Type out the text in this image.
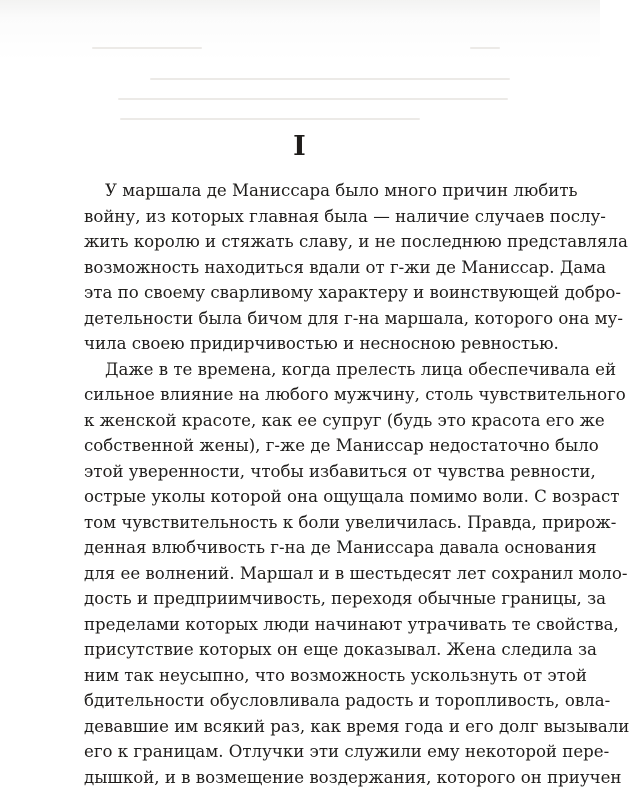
I
У маршала де Маниссара было много причин любить
войну, из которых главная была — наличие случаев послу-
жить королю и стяжать славу, и не последнюю представляла
возможность находиться вдали от г-жи де Маниссар. Дама
эта по своему сварливому характеру и воинствующей добро-
детельности была бичом для г-на маршала, которого она му-
чила своею придирчивостью и несносною ревностью.
Даже в те времена, когда прелесть лица обеспечивала ей
сильное влияние на любого мужчину, столь чувствительного
к женской красоте, как ее супруг (будь это красота его же
собственной жены), г-же де Маниссар недостаточно было
этой уверенности, чтобы избавиться от чувства ревности,
острые уколы которой она ощущала помимо воли. С возраст
том чувствительность к боли увеличилась. Правда, прирож-
денная влюбчивость г-на де Маниссара давала основания
для ее волнений. Маршал и в шестьдесят лет сохранил моло-
дость и предприимчивость, переходя обычные границы, за
пределами которых люди начинают утрачивать те свойства,
присутствие которых он еще доказывал. Жена следила за
ним так неусыпно, что возможность ускользнуть от этой
бдительности обусловливала радость и торопливость, овла-
девавшие им всякий раз, как время года и его долг вызывали
его к границам. Отлучки эти служили ему некоторой пере-
дышкой, и в возмещение воздержания, которого он приучен
